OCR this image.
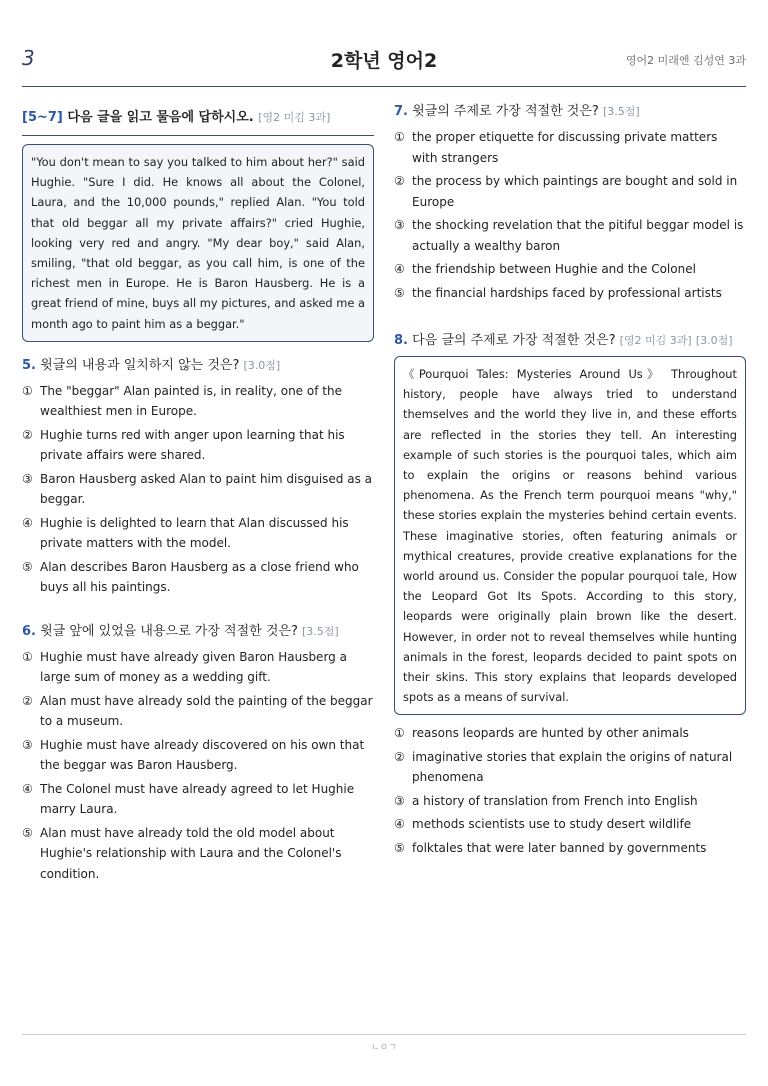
3	2학년 영어2	영어2 미래엔 김성연 3과
[5~7] 다음 글을 읽고 물음에 답하시오. [영2 미김 3과]
"You don't mean to say you talked to him about her?" said Hughie. "Sure I did. He knows all about the Colonel, Laura, and the 10,000 pounds," replied Alan. "You told that old beggar all my private affairs?" cried Hughie, looking very red and angry. "My dear boy," said Alan, smiling, "that old beggar, as you call him, is one of the richest men in Europe. He is Baron Hausberg. He is a great friend of mine, buys all my pictures, and asked me a month ago to paint him as a beggar."
5. 윗글의 내용과 일치하지 않는 것은? [3.0점]
① The "beggar" Alan painted is, in reality, one of the wealthiest men in Europe.
② Hughie turns red with anger upon learning that his private affairs were shared.
③ Baron Hausberg asked Alan to paint him disguised as a beggar.
④ Hughie is delighted to learn that Alan discussed his private matters with the model.
⑤ Alan describes Baron Hausberg as a close friend who buys all his paintings.
6. 윗글 앞에 있었을 내용으로 가장 적절한 것은? [3.5점]
① Hughie must have already given Baron Hausberg a large sum of money as a wedding gift.
② Alan must have already sold the painting of the beggar to a museum.
③ Hughie must have already discovered on his own that the beggar was Baron Hausberg.
④ The Colonel must have already agreed to let Hughie marry Laura.
⑤ Alan must have already told the old model about Hughie's relationship with Laura and the Colonel's condition.
7. 윗글의 주제로 가장 적절한 것은? [3.5점]
① the proper etiquette for discussing private matters with strangers
② the process by which paintings are bought and sold in Europe
③ the shocking revelation that the pitiful beggar model is actually a wealthy baron
④ the friendship between Hughie and the Colonel
⑤ the financial hardships faced by professional artists
8. 다음 글의 주제로 가장 적절한 것은? [영2 미김 3과] [3.0점]
《Pourquoi Tales: Mysteries Around Us》 Throughout history, people have always tried to understand themselves and the world they live in, and these efforts are reflected in the stories they tell. An interesting example of such stories is the pourquoi tales, which aim to explain the origins or reasons behind various phenomena. As the French term pourquoi means "why," these stories explain the mysteries behind certain events. These imaginative stories, often featuring animals or mythical creatures, provide creative explanations for the world around us. Consider the popular pourquoi tale, How the Leopard Got Its Spots. According to this story, leopards were originally plain brown like the desert. However, in order not to reveal themselves while hunting animals in the forest, leopards decided to paint spots on their skins. This story explains that leopards developed spots as a means of survival.
① reasons leopards are hunted by other animals
② imaginative stories that explain the origins of natural phenomena
③ a history of translation from French into English
④ methods scientists use to study desert wildlife
⑤ folktales that were later banned by governments
ㄴㅇㄱ
